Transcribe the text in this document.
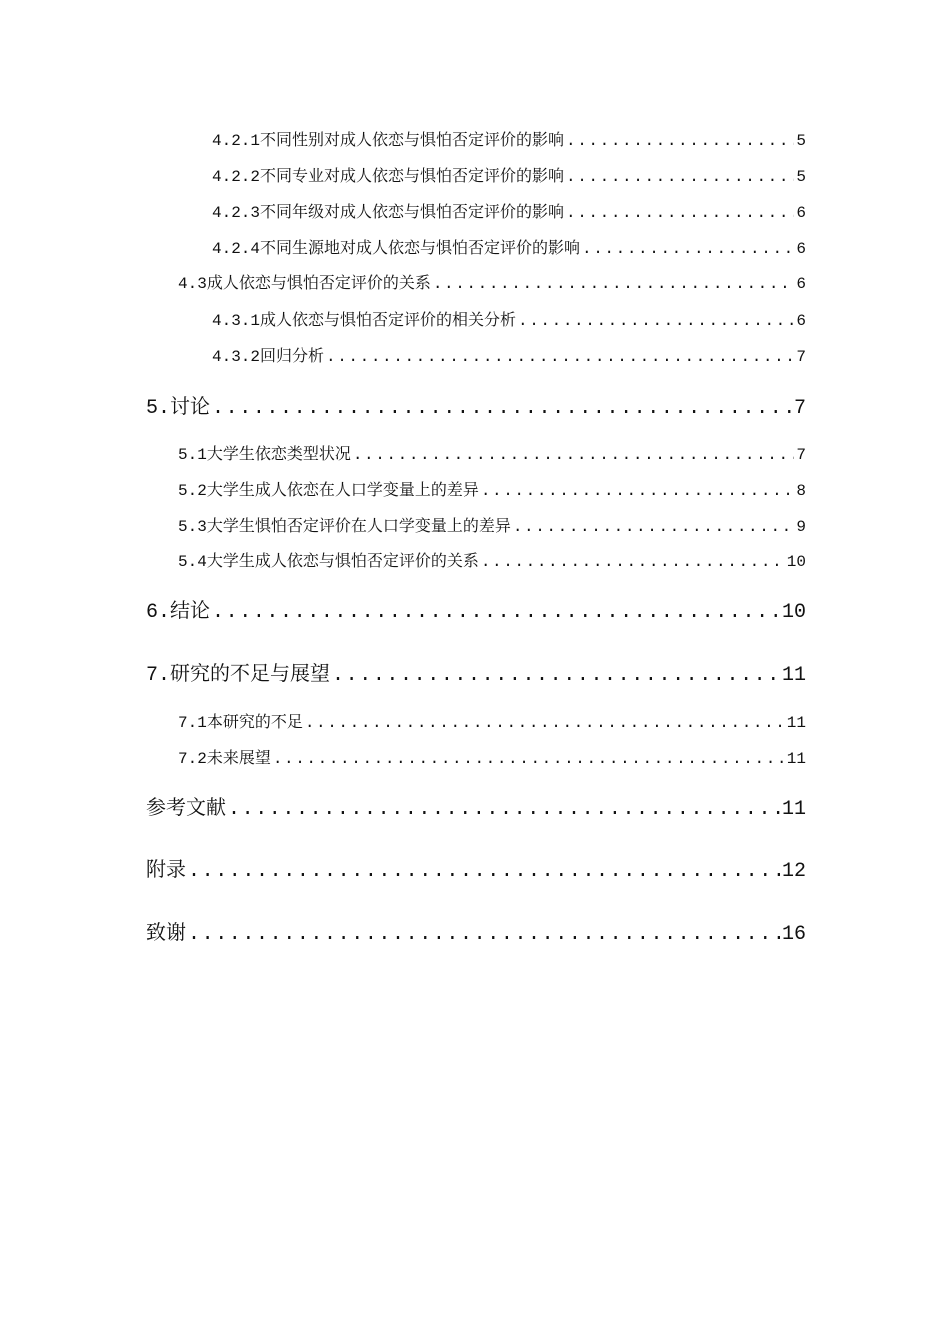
4.2.1 不同性别对成人依恋与惧怕否定评价的影响 .....	5
4.2.2 不同专业对成人依恋与惧怕否定评价的影响 .....	5
4.2.3 不同年级对成人依恋与惧怕否定评价的影响 .....	6
4.2.4 不同生源地对成人依恋与惧怕否定评价的影响 .....	6
4.3 成人依恋与惧怕否定评价的关系 .....	6
4.3.1 成人依恋与惧怕否定评价的相关分析 .....	6
4.3.2 回归分析 .....	7
5. 讨论 .....	7
5.1 大学生依恋类型状况 .....	7
5.2 大学生成人依恋在人口学变量上的差异 .....	8
5.3 大学生惧怕否定评价在人口学变量上的差异 .....	9
5.4 大学生成人依恋与惧怕否定评价的关系 .....	10
6. 结论 .....	10
7. 研究的不足与展望 .....	11
7.1 本研究的不足 .....	11
7.2 未来展望 .....	11
参考文献 .....	11
附录 .....	12
致谢 .....	16
